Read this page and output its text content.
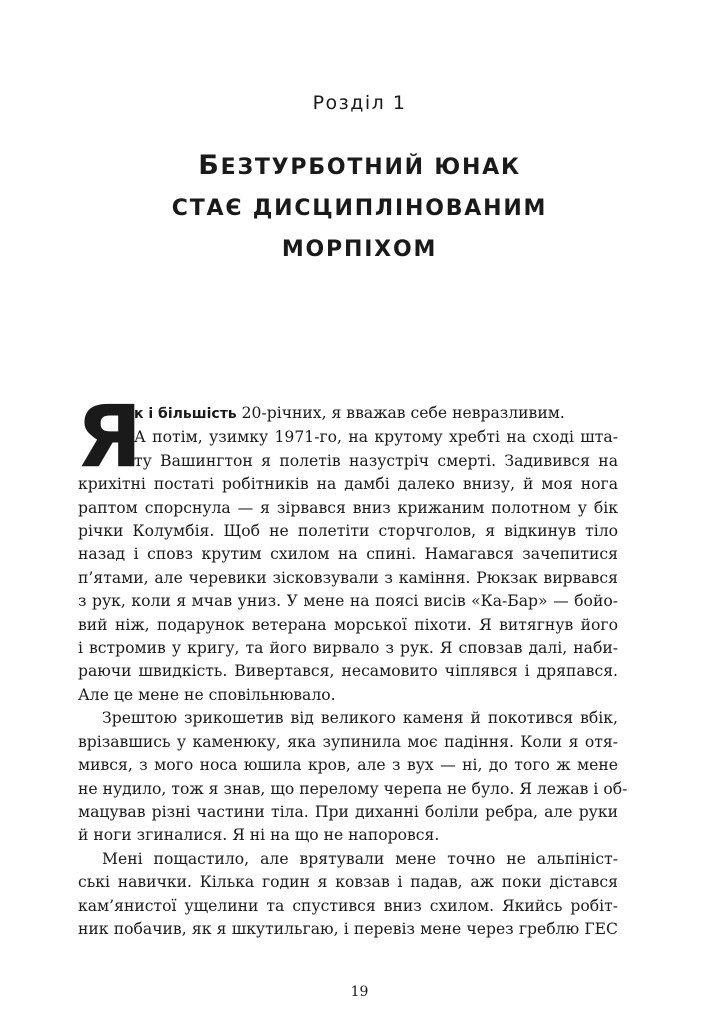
Розділ 1
БЕЗТУРБОТНИЙ ЮНАК
СТАЄ ДИСЦИПЛІНОВАНИМ
МОРПІХОМ
Я
к і більшість 20-річних, я вважав себе невразливим.
А потім, узимку 1971-го, на крутому хребті на сході шта-
ту Вашингтон я полетів назустріч смерті. Задивився на
крихітні постаті робітників на дамбі далеко внизу, й моя нога
раптом спорснула — я зірвався вниз крижаним полотном у бік
річки Колумбія. Щоб не полетіти сторчголов, я відкинув тіло
назад і сповз крутим схилом на спині. Намагався зачепитися
п’ятами, але черевики зісковзували з каміння. Рюкзак вирвався
з рук, коли я мчав униз. У мене на поясі висів «Ка-Бар» — бойо-
вий ніж, подарунок ветерана морської піхоти. Я витягнув його
і встромив у кригу, та його вирвало з рук. Я сповзав далі, наби-
раючи швидкість. Вивертався, несамовито чіплявся і дряпався.
Але це мене не сповільнювало.
Зрештою зрикошетив від великого каменя й покотився вбік,
врізавшись у каменюку, яка зупинила моє падіння. Коли я отя-
мився, з мого носа юшила кров, але з вух — ні, до того ж мене
не нудило, тож я знав, що перелому черепа не було. Я лежав і об-
мацував різні частини тіла. При диханні боліли ребра, але руки
й ноги згиналися. Я ні на що не напоровся.
Мені пощастило, але врятували мене точно не альпініст-
ські навички. Кілька годин я ковзав і падав, аж поки дістався
кам’янистої ущелини та спустився вниз схилом. Якийсь робіт-
ник побачив, як я шкутильгаю, і перевіз мене через греблю ГЕС
19
